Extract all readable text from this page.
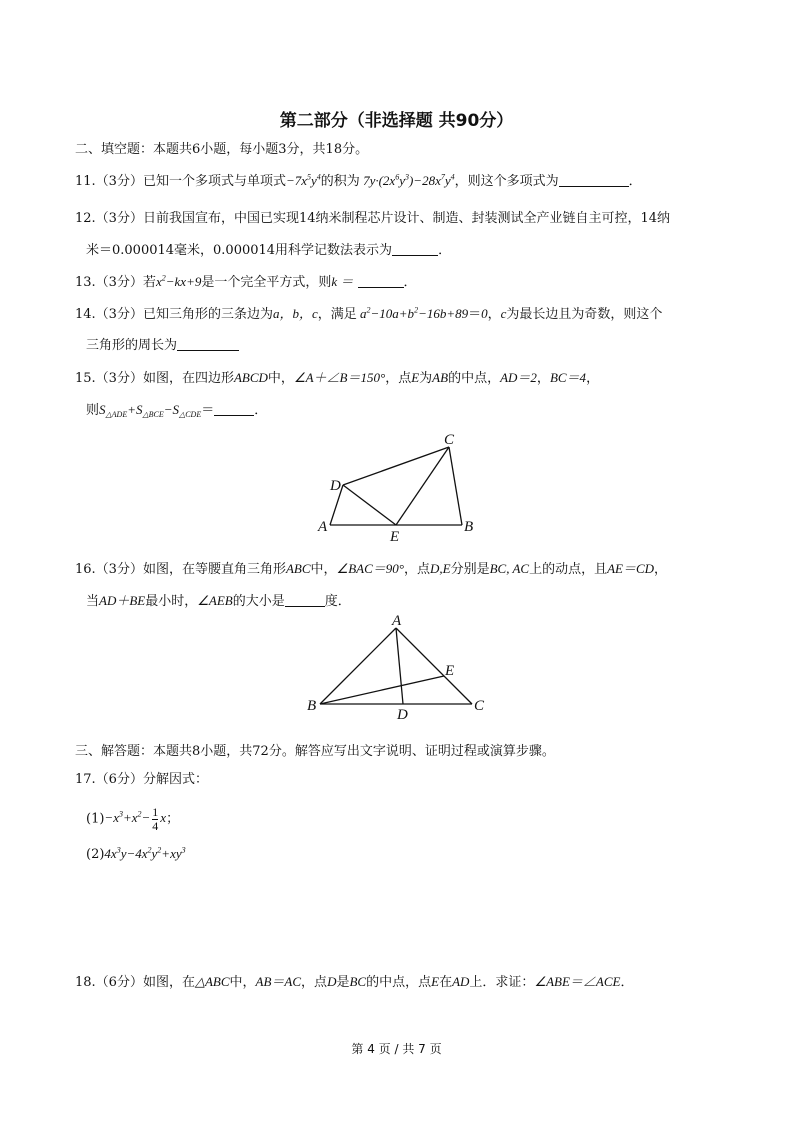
第二部分（非选择题 共90分）
二、填空题：本题共6小题，每小题3分，共18分。
11.（3分）已知一个多项式与单项式$-7x^5y^4$的积为 $7y\cdot(2x^6y^3)-28x^7y^4$，则这个多项式为	．
12.（3分）日前我国宣布，中国已实现14纳米制程芯片设计、制造、封装测试全产业链自主可控，14纳
米＝0.000014毫米，0.000014用科学记数法表示为	．
13.（3分）若$x^2-kx+9$是一个完全平方式，则k ＝	．
14.（3分）已知三角形的三条边为a，b，c，满足 $a^2-10a+b^2-16b+89=0$，c为最长边且为奇数，则这个
三角形的周长为
15.（3分）如图，在四边形ABCD中，∠A＋∠B＝150°，点E为AB的中点，AD＝2，BC＝4，
则$S_{\triangle ADE}+S_{\triangle BCE}-S_{\triangle CDE}=$	．
C
D
A
E
B
16.（3分）如图，在等腰直角三角形ABC中，∠BAC＝90°，点D,E分别是BC, AC上的动点，且AE＝CD，
当AD＋BE最小时，∠AEB的大小是	度．
A
E
B
D
C
三、解答题：本题共8小题，共72分。解答应写出文字说明、证明过程或演算步骤。
17.（6分）分解因式：
$(1)-x^3+x^2- \frac{1}{4}$ x；
$(2)4x^3y-4x^2y^2+xy^3$
18.（6分）如图，在△ABC中，AB＝AC，点D是BC的中点，点E在AD上．求证：∠ABE＝∠ACE．
第 4 页 / 共 7 页
